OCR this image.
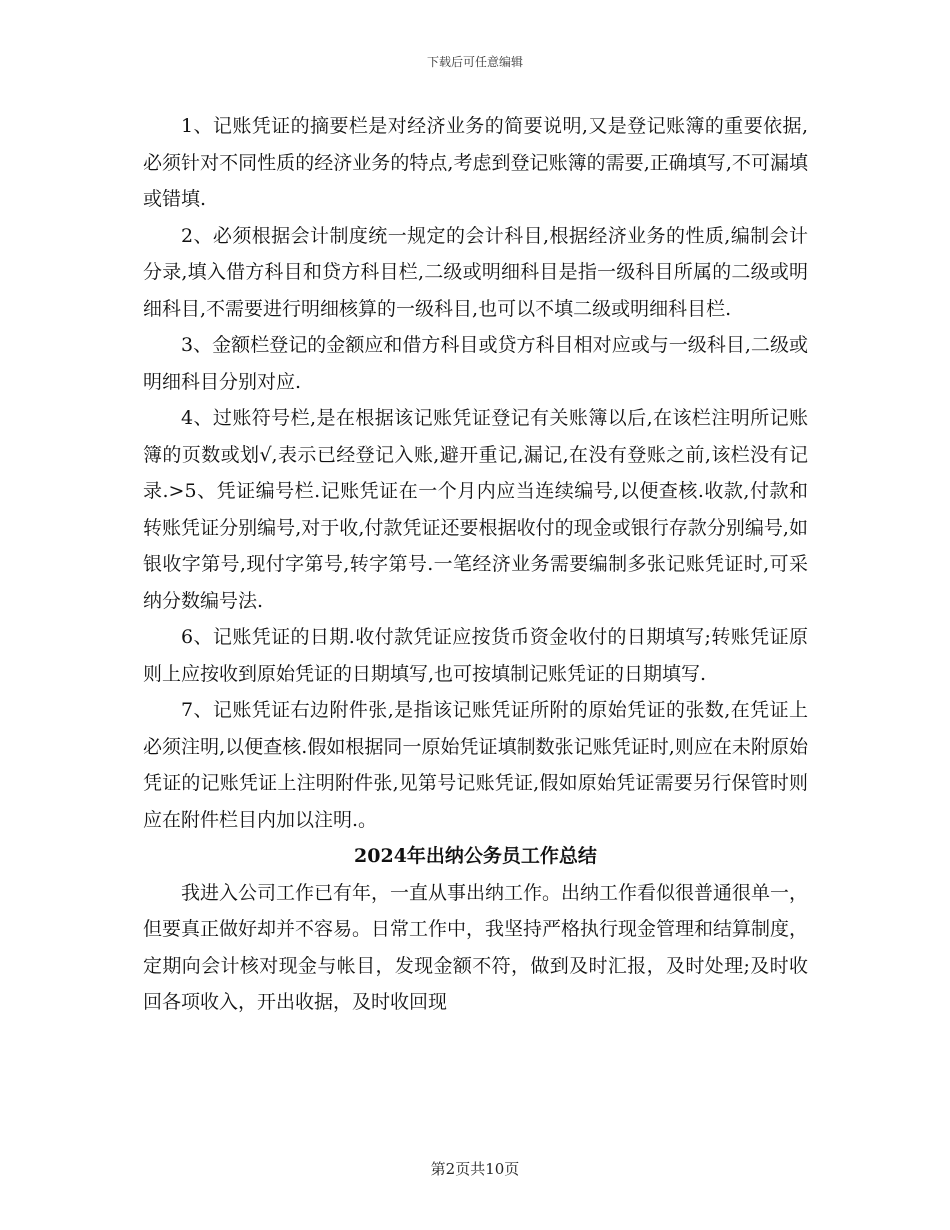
下载后可任意编辑

1、记账凭证的摘要栏是对经济业务的简要说明,又是登记账簿的重要依据,必须针对不同性质的经济业务的特点,考虑到登记账簿的需要,正确填写,不可漏填或错填.

2、必须根据会计制度统一规定的会计科目,根据经济业务的性质,编制会计分录,填入借方科目和贷方科目栏,二级或明细科目是指一级科目所属的二级或明细科目,不需要进行明细核算的一级科目,也可以不填二级或明细科目栏.

3、金额栏登记的金额应和借方科目或贷方科目相对应或与一级科目,二级或明细科目分别对应.

4、过账符号栏,是在根据该记账凭证登记有关账簿以后,在该栏注明所记账簿的页数或划√,表示已经登记入账,避开重记,漏记,在没有登账之前,该栏没有记录.>5、凭证编号栏.记账凭证在一个月内应当连续编号,以便查核.收款,付款和转账凭证分别编号,对于收,付款凭证还要根据收付的现金或银行存款分别编号,如银收字第号,现付字第号,转字第号.一笔经济业务需要编制多张记账凭证时,可采纳分数编号法.

6、记账凭证的日期.收付款凭证应按货币资金收付的日期填写;转账凭证原则上应按收到原始凭证的日期填写,也可按填制记账凭证的日期填写.

7、记账凭证右边附件张,是指该记账凭证所附的原始凭证的张数,在凭证上必须注明,以便查核.假如根据同一原始凭证填制数张记账凭证时,则应在未附原始凭证的记账凭证上注明附件张,见第号记账凭证,假如原始凭证需要另行保管时则应在附件栏目内加以注明.。

2024年出纳公务员工作总结

我进入公司工作已有年，一直从事出纳工作。出纳工作看似很普通很单一，但要真正做好却并不容易。日常工作中，我坚持严格执行现金管理和结算制度，定期向会计核对现金与帐目，发现金额不符，做到及时汇报，及时处理;及时收回各项收入，开出收据，及时收回现

第2页共10页
